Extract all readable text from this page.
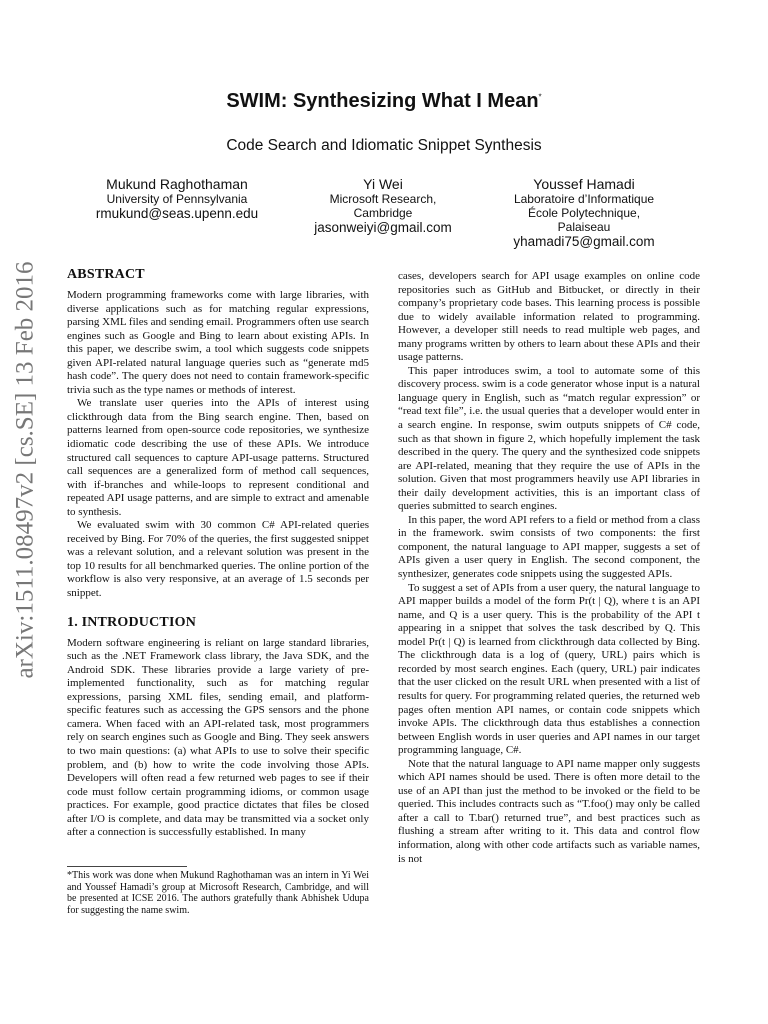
arXiv:1511.08497v2 [cs.SE] 13 Feb 2016
SWIM: Synthesizing What I Mean*
Code Search and Idiomatic Snippet Synthesis
Mukund Raghothaman
University of Pennsylvania
rmukund@seas.upenn.edu
Yi Wei
Microsoft Research,
Cambridge
jasonweiyi@gmail.com
Youssef Hamadi
Laboratoire d’Informatique
École Polytechnique,
Palaiseau
yhamadi75@gmail.com
ABSTRACT

Modern programming frameworks come with large libraries, with diverse applications such as for matching regular expressions, parsing XML files and sending email. Programmers often use search engines such as Google and Bing to learn about existing APIs. In this paper, we describe swim, a tool which suggests code snippets given API-related natural language queries such as “generate md5 hash code”. The query does not need to contain framework-specific trivia such as the type names or methods of interest.

We translate user queries into the APIs of interest using clickthrough data from the Bing search engine. Then, based on patterns learned from open-source code repositories, we synthesize idiomatic code describing the use of these APIs. We introduce structured call sequences to capture API-usage patterns. Structured call sequences are a generalized form of method call sequences, with if-branches and while-loops to represent conditional and repeated API usage patterns, and are simple to extract and amenable to synthesis.

We evaluated swim with 30 common C# API-related queries received by Bing. For 70% of the queries, the first suggested snippet was a relevant solution, and a relevant solution was present in the top 10 results for all benchmarked queries. The online portion of the workflow is also very responsive, at an average of 1.5 seconds per snippet.

1. INTRODUCTION

Modern software engineering is reliant on large standard libraries, such as the .NET Framework class library, the Java SDK, and the Android SDK. These libraries provide a large variety of pre-implemented functionality, such as for matching regular expressions, parsing XML files, sending email, and platform-specific features such as accessing the GPS sensors and the phone camera. When faced with an API-related task, most programmers rely on search engines such as Google and Bing. They seek answers to two main questions: (a) what APIs to use to solve their specific problem, and (b) how to write the code involving those APIs. Developers will often read a few returned web pages to see if their code must follow certain programming idioms, or common usage practices. For example, good practice dictates that files be closed after I/O is complete, and data may be transmitted via a socket only after a connection is successfully established. In many

*This work was done when Mukund Raghothaman was an intern in Yi Wei and Youssef Hamadi’s group at Microsoft Research, Cambridge, and will be presented at ICSE 2016. The authors gratefully thank Abhishek Udupa for suggesting the name swim.

cases, developers search for API usage examples on online code repositories such as GitHub and Bitbucket, or directly in their company’s proprietary code bases. This learning process is possible due to widely available information related to programming. However, a developer still needs to read multiple web pages, and many programs written by others to learn about these APIs and their usage patterns.

This paper introduces swim, a tool to automate some of this discovery process. swim is a code generator whose input is a natural language query in English, such as “match regular expression” or “read text file”, i.e. the usual queries that a developer would enter in a search engine. In response, swim outputs snippets of C# code, such as that shown in figure 2, which hopefully implement the task described in the query. The query and the synthesized code snippets are API-related, meaning that they require the use of APIs in the solution. Given that most programmers heavily use API libraries in their daily development activities, this is an important class of queries submitted to search engines.

In this paper, the word API refers to a field or method from a class in the framework. swim consists of two components: the first component, the natural language to API mapper, suggests a set of APIs given a user query in English. The second component, the synthesizer, generates code snippets using the suggested APIs.

To suggest a set of APIs from a user query, the natural language to API mapper builds a model of the form Pr(t | Q), where t is an API name, and Q is a user query. This is the probability of the API t appearing in a snippet that solves the task described by Q. This model Pr(t | Q) is learned from clickthrough data collected by Bing. The clickthrough data is a log of (query, URL) pairs which is recorded by most search engines. Each (query, URL) pair indicates that the user clicked on the result URL when presented with a list of results for query. For programming related queries, the returned web pages often mention API names, or contain code snippets which invoke APIs. The clickthrough data thus establishes a connection between English words in user queries and API names in our target programming language, C#.

Note that the natural language to API name mapper only suggests which API names should be used. There is often more detail to the use of an API than just the method to be invoked or the field to be queried. This includes contracts such as “T.foo() may only be called after a call to T.bar() returned true”, and best practices such as flushing a stream after writing to it. This data and control flow information, along with other code artifacts such as variable names, is not
